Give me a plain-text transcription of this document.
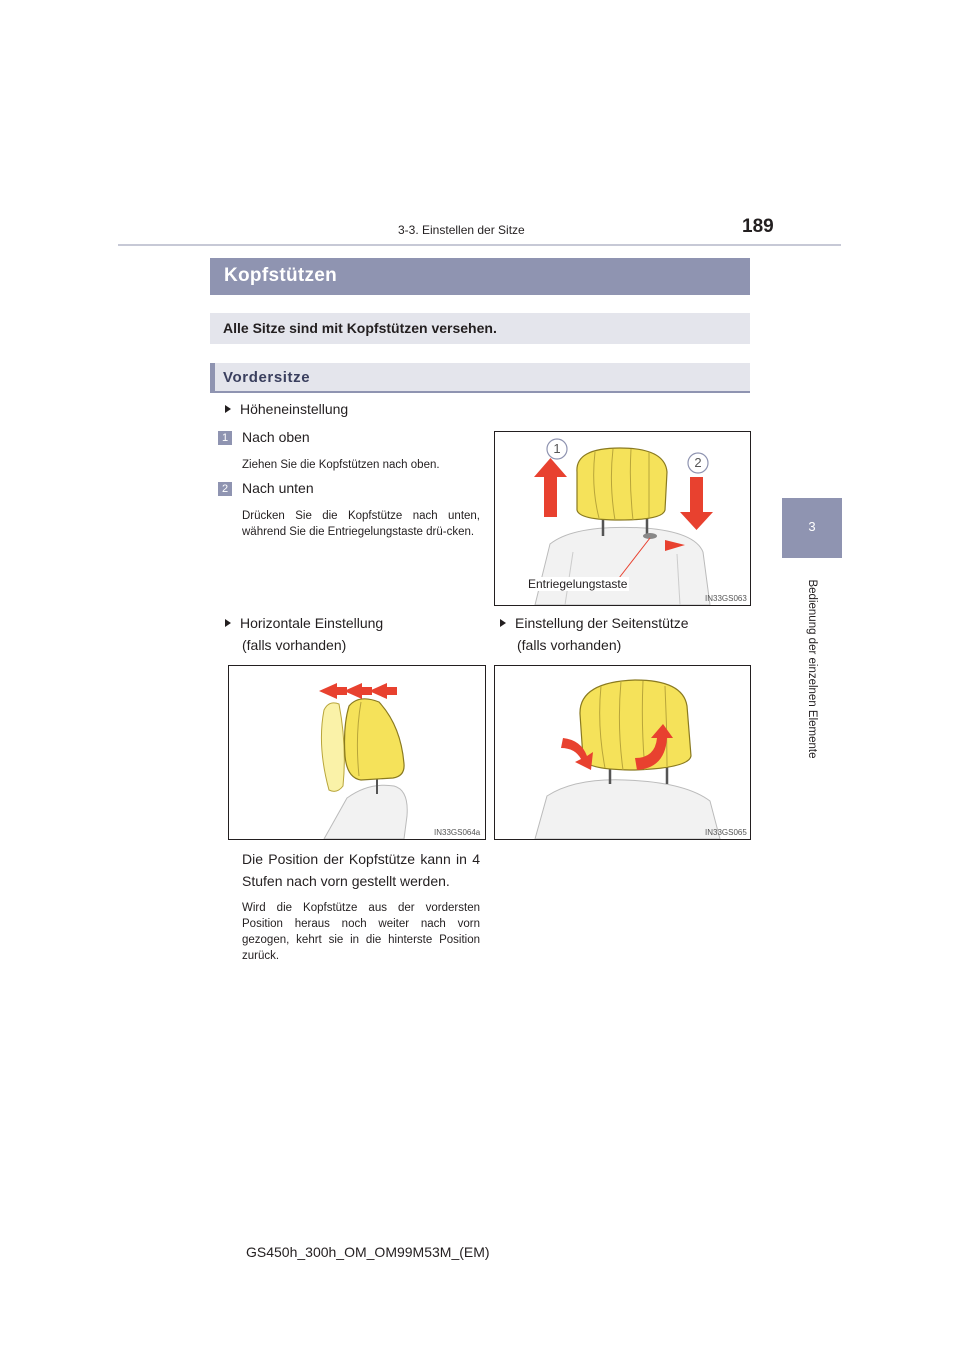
3-3. Einstellen der Sitze	189
3
Bedienung der einzelnen Elemente
Kopfstützen
Alle Sitze sind mit Kopfstützen versehen.
Vordersitze
Höheneinstellung
1 Nach oben
Ziehen Sie die Kopfstützen nach oben.
2 Nach unten
Drücken Sie die Kopfstütze nach unten, während Sie die Entriegelungstaste drü-cken.
1
2
Entriegelungstaste
IN33GS063
Horizontale Einstellung
(falls vorhanden)
Einstellung der Seitenstütze
(falls vorhanden)
IN33GS064a	IN33GS065
Die Position der Kopfstütze kann in 4 Stufen nach vorn gestellt werden.
Wird die Kopfstütze aus der vordersten Position heraus noch weiter nach vorn gezogen, kehrt sie in die hinterste Position zurück.
GS450h_300h_OM_OM99M53M_(EM)
